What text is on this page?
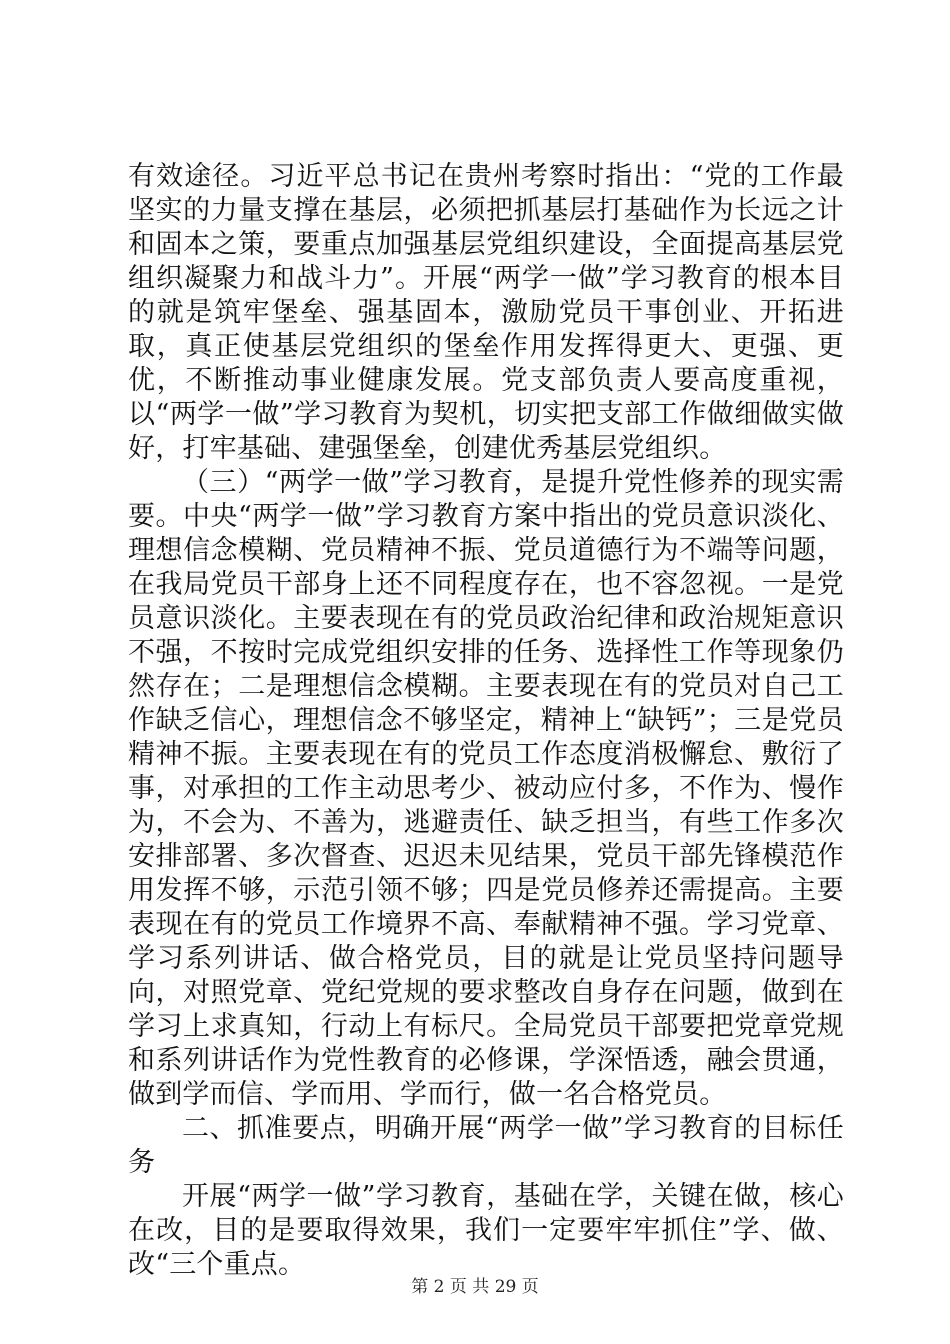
有效途径。习近平总书记在贵州考察时指出：“党的工作最坚实的力量支撑在基层，必须把抓基层打基础作为长远之计和固本之策，要重点加强基层党组织建设，全面提高基层党组织凝聚力和战斗力”。开展“两学一做”学习教育的根本目的就是筑牢堡垒、强基固本，激励党员干事创业、开拓进取，真正使基层党组织的堡垒作用发挥得更大、更强、更优，不断推动事业健康发展。党支部负责人要高度重视，以“两学一做”学习教育为契机，切实把支部工作做细做实做好，打牢基础、建强堡垒，创建优秀基层党组织。

（三）“两学一做”学习教育，是提升党性修养的现实需要。中央“两学一做”学习教育方案中指出的党员意识淡化、理想信念模糊、党员精神不振、党员道德行为不端等问题，在我局党员干部身上还不同程度存在，也不容忽视。一是党员意识淡化。主要表现在有的党员政治纪律和政治规矩意识不强，不按时完成党组织安排的任务、选择性工作等现象仍然存在；二是理想信念模糊。主要表现在有的党员对自己工作缺乏信心，理想信念不够坚定，精神上“缺钙”；三是党员精神不振。主要表现在有的党员工作态度消极懈怠、敷衍了事，对承担的工作主动思考少、被动应付多，不作为、慢作为，不会为、不善为，逃避责任、缺乏担当，有些工作多次安排部署、多次督查、迟迟未见结果，党员干部先锋模范作用发挥不够，示范引领不够；四是党员修养还需提高。主要表现在有的党员工作境界不高、奉献精神不强。学习党章、学习系列讲话、做合格党员，目的就是让党员坚持问题导向，对照党章、党纪党规的要求整改自身存在问题，做到在学习上求真知，行动上有标尺。全局党员干部要把党章党规和系列讲话作为党性教育的必修课，学深悟透，融会贯通，做到学而信、学而用、学而行，做一名合格党员。

二、抓准要点，明确开展“两学一做”学习教育的目标任务

开展“两学一做”学习教育，基础在学，关键在做，核心在改，目的是要取得效果，我们一定要牢牢抓住”学、做、改“三个重点。

第 2 页 共 29 页
